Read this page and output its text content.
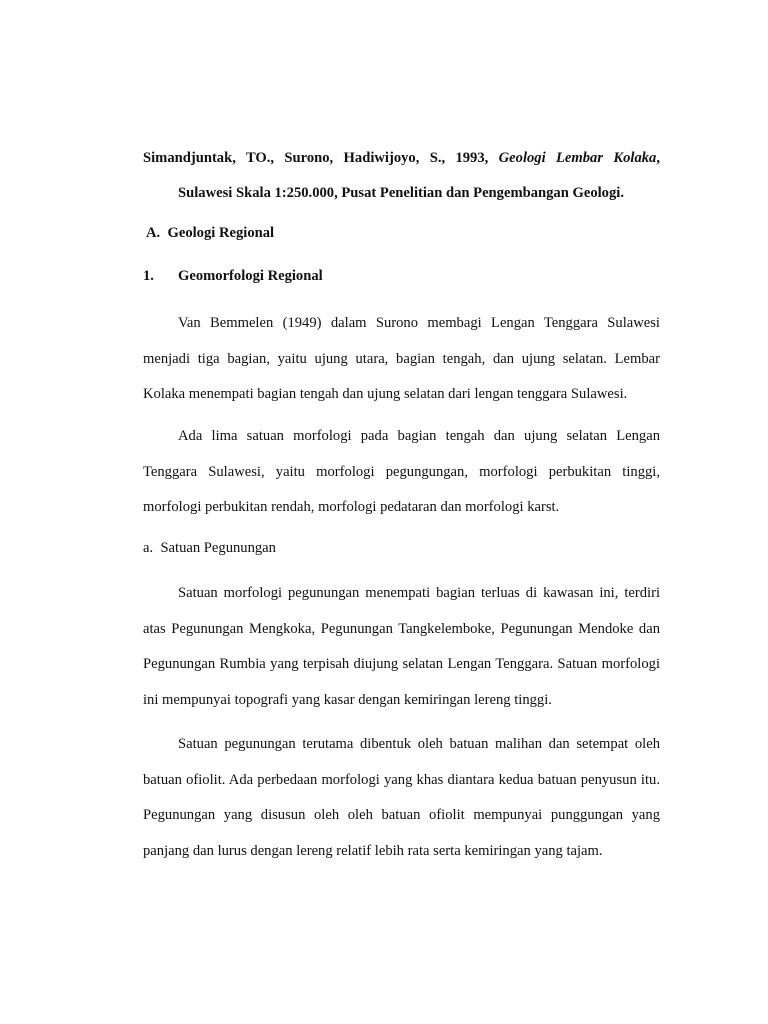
Simandjuntak, TO., Surono, Hadiwijoyo, S., 1993, Geologi Lembar Kolaka,
Sulawesi Skala 1:250.000, Pusat Penelitian dan Pengembangan Geologi.
A. Geologi Regional
1. Geomorfologi Regional

Van Bemmelen (1949) dalam Surono membagi Lengan Tenggara Sulawesi menjadi tiga bagian, yaitu ujung utara, bagian tengah, dan ujung selatan. Lembar Kolaka menempati bagian tengah dan ujung selatan dari lengan tenggara Sulawesi.

Ada lima satuan morfologi pada bagian tengah dan ujung selatan Lengan Tenggara Sulawesi, yaitu morfologi pegungungan, morfologi perbukitan tinggi, morfologi perbukitan rendah, morfologi pedataran dan morfologi karst.

a. Satuan Pegunungan

Satuan morfologi pegunungan menempati bagian terluas di kawasan ini, terdiri atas Pegunungan Mengkoka, Pegunungan Tangkelemboke, Pegunungan Mendoke dan Pegunungan Rumbia yang terpisah diujung selatan Lengan Tenggara. Satuan morfologi ini mempunyai topografi yang kasar dengan kemiringan lereng tinggi.

Satuan pegunungan terutama dibentuk oleh batuan malihan dan setempat oleh batuan ofiolit. Ada perbedaan morfologi yang khas diantara kedua batuan penyusun itu. Pegunungan yang disusun oleh oleh batuan ofiolit mempunyai punggungan yang panjang dan lurus dengan lereng relatif lebih rata serta kemiringan yang tajam.
